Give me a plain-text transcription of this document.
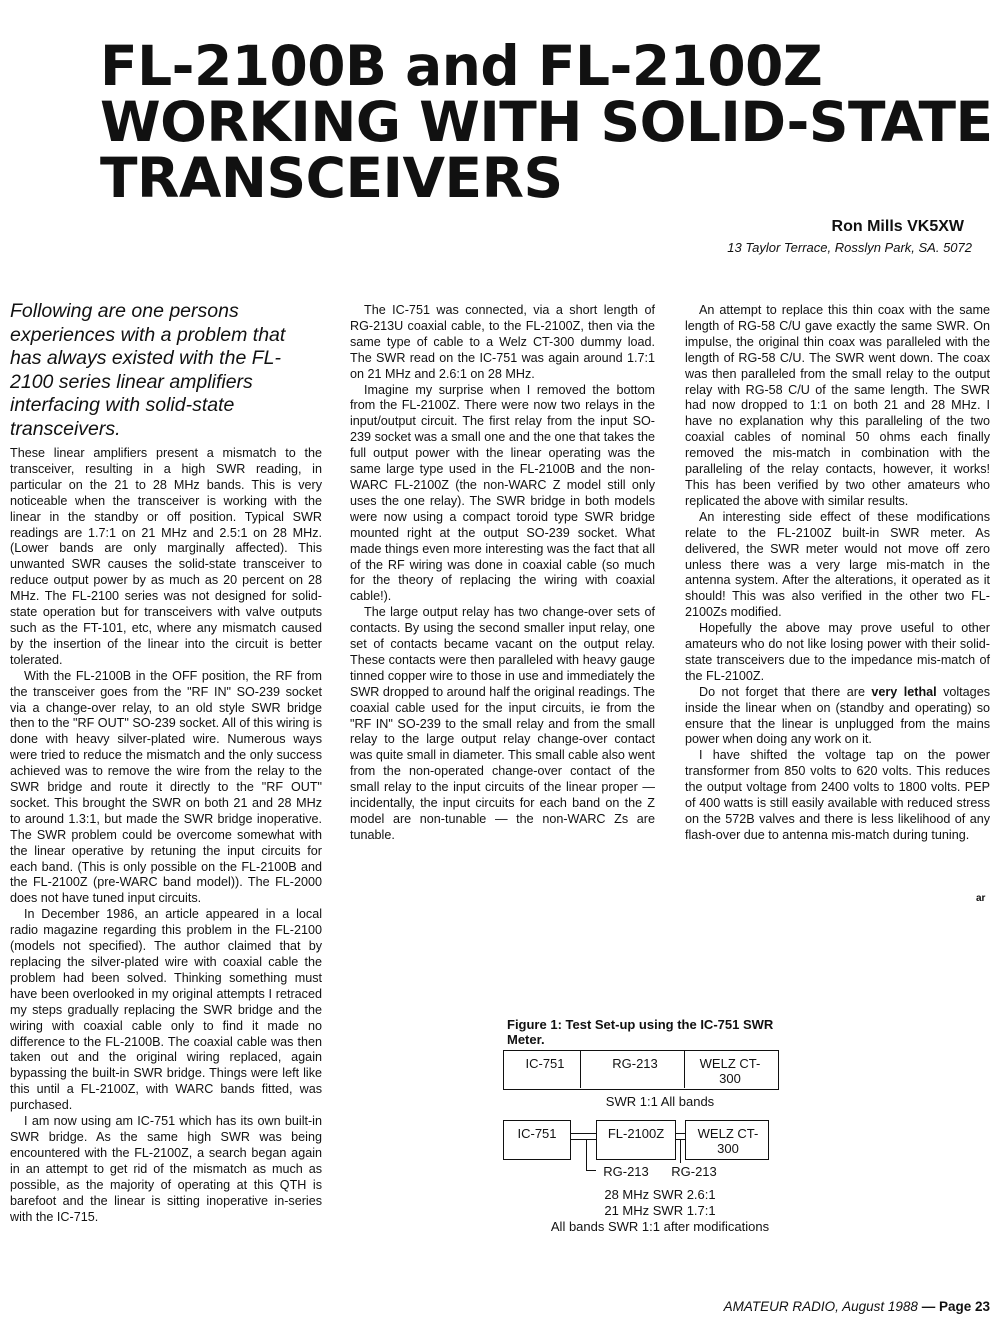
FL-2100B and FL-2100Z
WORKING WITH SOLID-STATE
TRANSCEIVERS
Ron Mills VK5XW
13 Taylor Terrace, Rosslyn Park, SA. 5072
Following are one persons experiences with a problem that has always existed with the FL-2100 series linear amplifiers interfacing with solid-state transceivers.

These linear amplifiers present a mismatch to the transceiver, resulting in a high SWR reading, in particular on the 21 to 28 MHz bands. This is very noticeable when the transceiver is working with the linear in the standby or off position. Typical SWR readings are 1.7:1 on 21 MHz and 2.5:1 on 28 MHz. (Lower bands are only marginally affected). This unwanted SWR causes the solid-state transceiver to reduce output power by as much as 20 percent on 28 MHz. The FL-2100 series was not designed for solid-state operation but for transceivers with valve outputs such as the FT-101, etc, where any mismatch caused by the insertion of the linear into the circuit is better tolerated.

With the FL-2100B in the OFF position, the RF from the transceiver goes from the "RF IN" SO-239 socket via a change-over relay, to an old style SWR bridge then to the "RF OUT" SO-239 socket. All of this wiring is done with heavy silver-plated wire. Numerous ways were tried to reduce the mismatch and the only success achieved was to remove the wire from the relay to the SWR bridge and route it directly to the "RF OUT" socket. This brought the SWR on both 21 and 28 MHz to around 1.3:1, but made the SWR bridge inoperative. The SWR problem could be overcome somewhat with the linear operative by retuning the input circuits for each band. (This is only possible on the FL-2100B and the FL-2100Z (pre-WARC band model)). The FL-2000 does not have tuned input circuits.

In December 1986, an article appeared in a local radio magazine regarding this problem in the FL-2100 (models not specified). The author claimed that by replacing the silver-plated wire with coaxial cable the problem had been solved. Thinking something must have been overlooked in my original attempts I retraced my steps gradually replacing the SWR bridge and the wiring with coaxial cable only to find it made no difference to the FL-2100B. The coaxial cable was then taken out and the original wiring replaced, again bypassing the built-in SWR bridge. Things were left like this until a FL-2100Z, with WARC bands fitted, was purchased.

I am now using am IC-751 which has its own built-in SWR bridge. As the same high SWR was being encountered with the FL-2100Z, a search began again in an attempt to get rid of the mismatch as much as possible, as the majority of operating at this QTH is barefoot and the linear is sitting inoperative in-series with the IC-715.

The IC-751 was connected, via a short length of RG-213U coaxial cable, to the FL-2100Z, then via the same type of cable to a Welz CT-300 dummy load. The SWR read on the IC-751 was again around 1.7:1 on 21 MHz and 2.6:1 on 28 MHz.

Imagine my surprise when I removed the bottom from the FL-2100Z. There were now two relays in the input/output circuit. The first relay from the input SO-239 socket was a small one and the one that takes the full output power with the linear operating was the same large type used in the FL-2100B and the non-WARC FL-2100Z (the non-WARC Z model still only uses the one relay). The SWR bridge in both models were now using a compact toroid type SWR bridge mounted right at the output SO-239 socket. What made things even more interesting was the fact that all of the RF wiring was done in coaxial cable (so much for the theory of replacing the wiring with coaxial cable!).

The large output relay has two change-over sets of contacts. By using the second smaller input relay, one set of contacts became vacant on the output relay. These contacts were then paralleled with heavy gauge tinned copper wire to those in use and immediately the SWR dropped to around half the original readings. The coaxial cable used for the input circuits, ie from the "RF IN" SO-239 to the small relay and from the small relay to the large output relay change-over contact was quite small in diameter. This small cable also went from the non-operated change-over contact of the small relay to the input circuits of the linear proper — incidentally, the input circuits for each band on the Z model are non-tunable — the non-WARC Zs are tunable.

An attempt to replace this thin coax with the same length of RG-58 C/U gave exactly the same SWR. On impulse, the original thin coax was paralleled with the length of RG-58 C/U. The SWR went down. The coax was then paralleled from the small relay to the output relay with RG-58 C/U of the same length. The SWR had now dropped to 1:1 on both 21 and 28 MHz. I have no explanation why this paralleling of the two coaxial cables of nominal 50 ohms each finally removed the mis-match in combination with the paralleling of the relay contacts, however, it works! This has been verified by two other amateurs who replicated the above with similar results.

An interesting side effect of these modifications relate to the FL-2100Z built-in SWR meter. As delivered, the SWR meter would not move off zero unless there was a very large mis-match in the antenna system. After the alterations, it operated as it should! This was also verified in the other two FL-2100Zs modified.

Hopefully the above may prove useful to other amateurs who do not like losing power with their solid-state transceivers due to the impedance mis-match of the FL-2100Z.

Do not forget that there are very lethal voltages inside the linear when on (standby and operating) so ensure that the linear is unplugged from the mains power when doing any work on it.

I have shifted the voltage tap on the power transformer from 850 volts to 620 volts. This reduces the output voltage from 2400 volts to 1800 volts. PEP of 400 watts is still easily available with reduced stress on the 572B valves and there is less likelihood of any flash-over due to antenna mis-match during tuning.

ar
Figure 1: Test Set-up using the IC-751 SWR Meter.
IC-751	RG-213	WELZ CT-300
SWR 1:1 All bands
IC-751	FL-2100Z	WELZ CT-300
RG-213	RG-213
28 MHz SWR 2.6:1
21 MHz SWR 1.7:1
All bands SWR 1:1 after modifications
AMATEUR RADIO, August 1988 — Page 23
